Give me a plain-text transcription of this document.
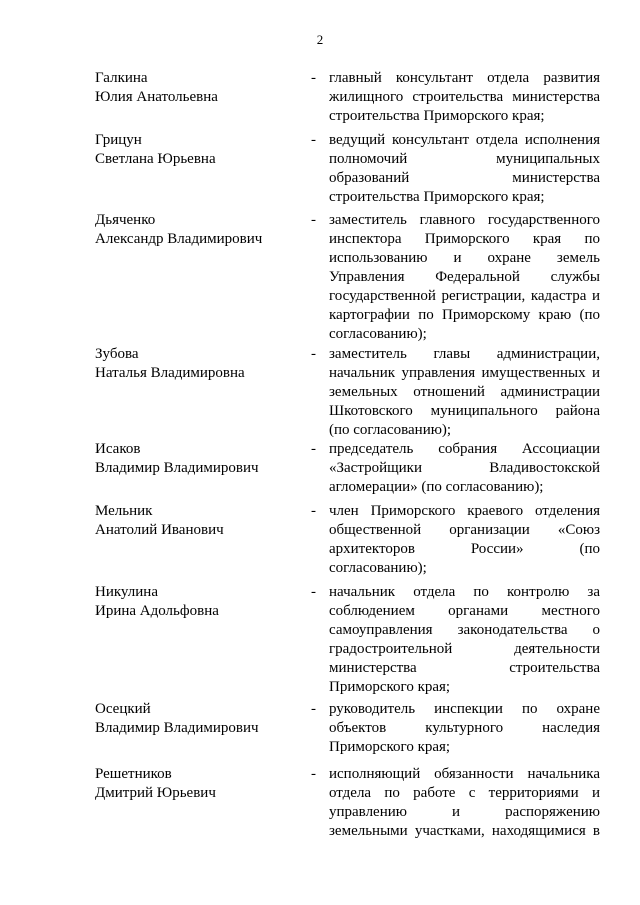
2
Галкина
Юлия Анатольевна
- главный консультант отдела развития
жилищного строительства министерства
строительства Приморского края;
Грицун
Светлана Юрьевна
- ведущий консультант отдела исполнения
полномочий муниципальных
образований министерства
строительства Приморского края;
Дьяченко
Александр Владимирович
- заместитель главного государственного
инспектора Приморского края по
использованию и охране земель
Управления Федеральной службы
государственной регистрации, кадастра и
картографии по Приморскому краю (по
согласованию);
Зубова
Наталья Владимировна
- заместитель главы администрации,
начальник управления имущественных и
земельных отношений администрации
Шкотовского муниципального района
(по согласованию);
Исаков
Владимир Владимирович
- председатель собрания Ассоциации
«Застройщики Владивостокской
агломерации» (по согласованию);
Мельник
Анатолий Иванович
- член Приморского краевого отделения
общественной организации «Союз
архитекторов России» (по
согласованию);
Никулина
Ирина Адольфовна
- начальник отдела по контролю за
соблюдением органами местного
самоуправления законодательства о
градостроительной деятельности
министерства строительства
Приморского края;
Осецкий
Владимир Владимирович
- руководитель инспекции по охране
объектов культурного наследия
Приморского края;
Решетников
Дмитрий Юрьевич
- исполняющий обязанности начальника
отдела по работе с территориями и
управлению и распоряжению
земельными участками, находящимися в
